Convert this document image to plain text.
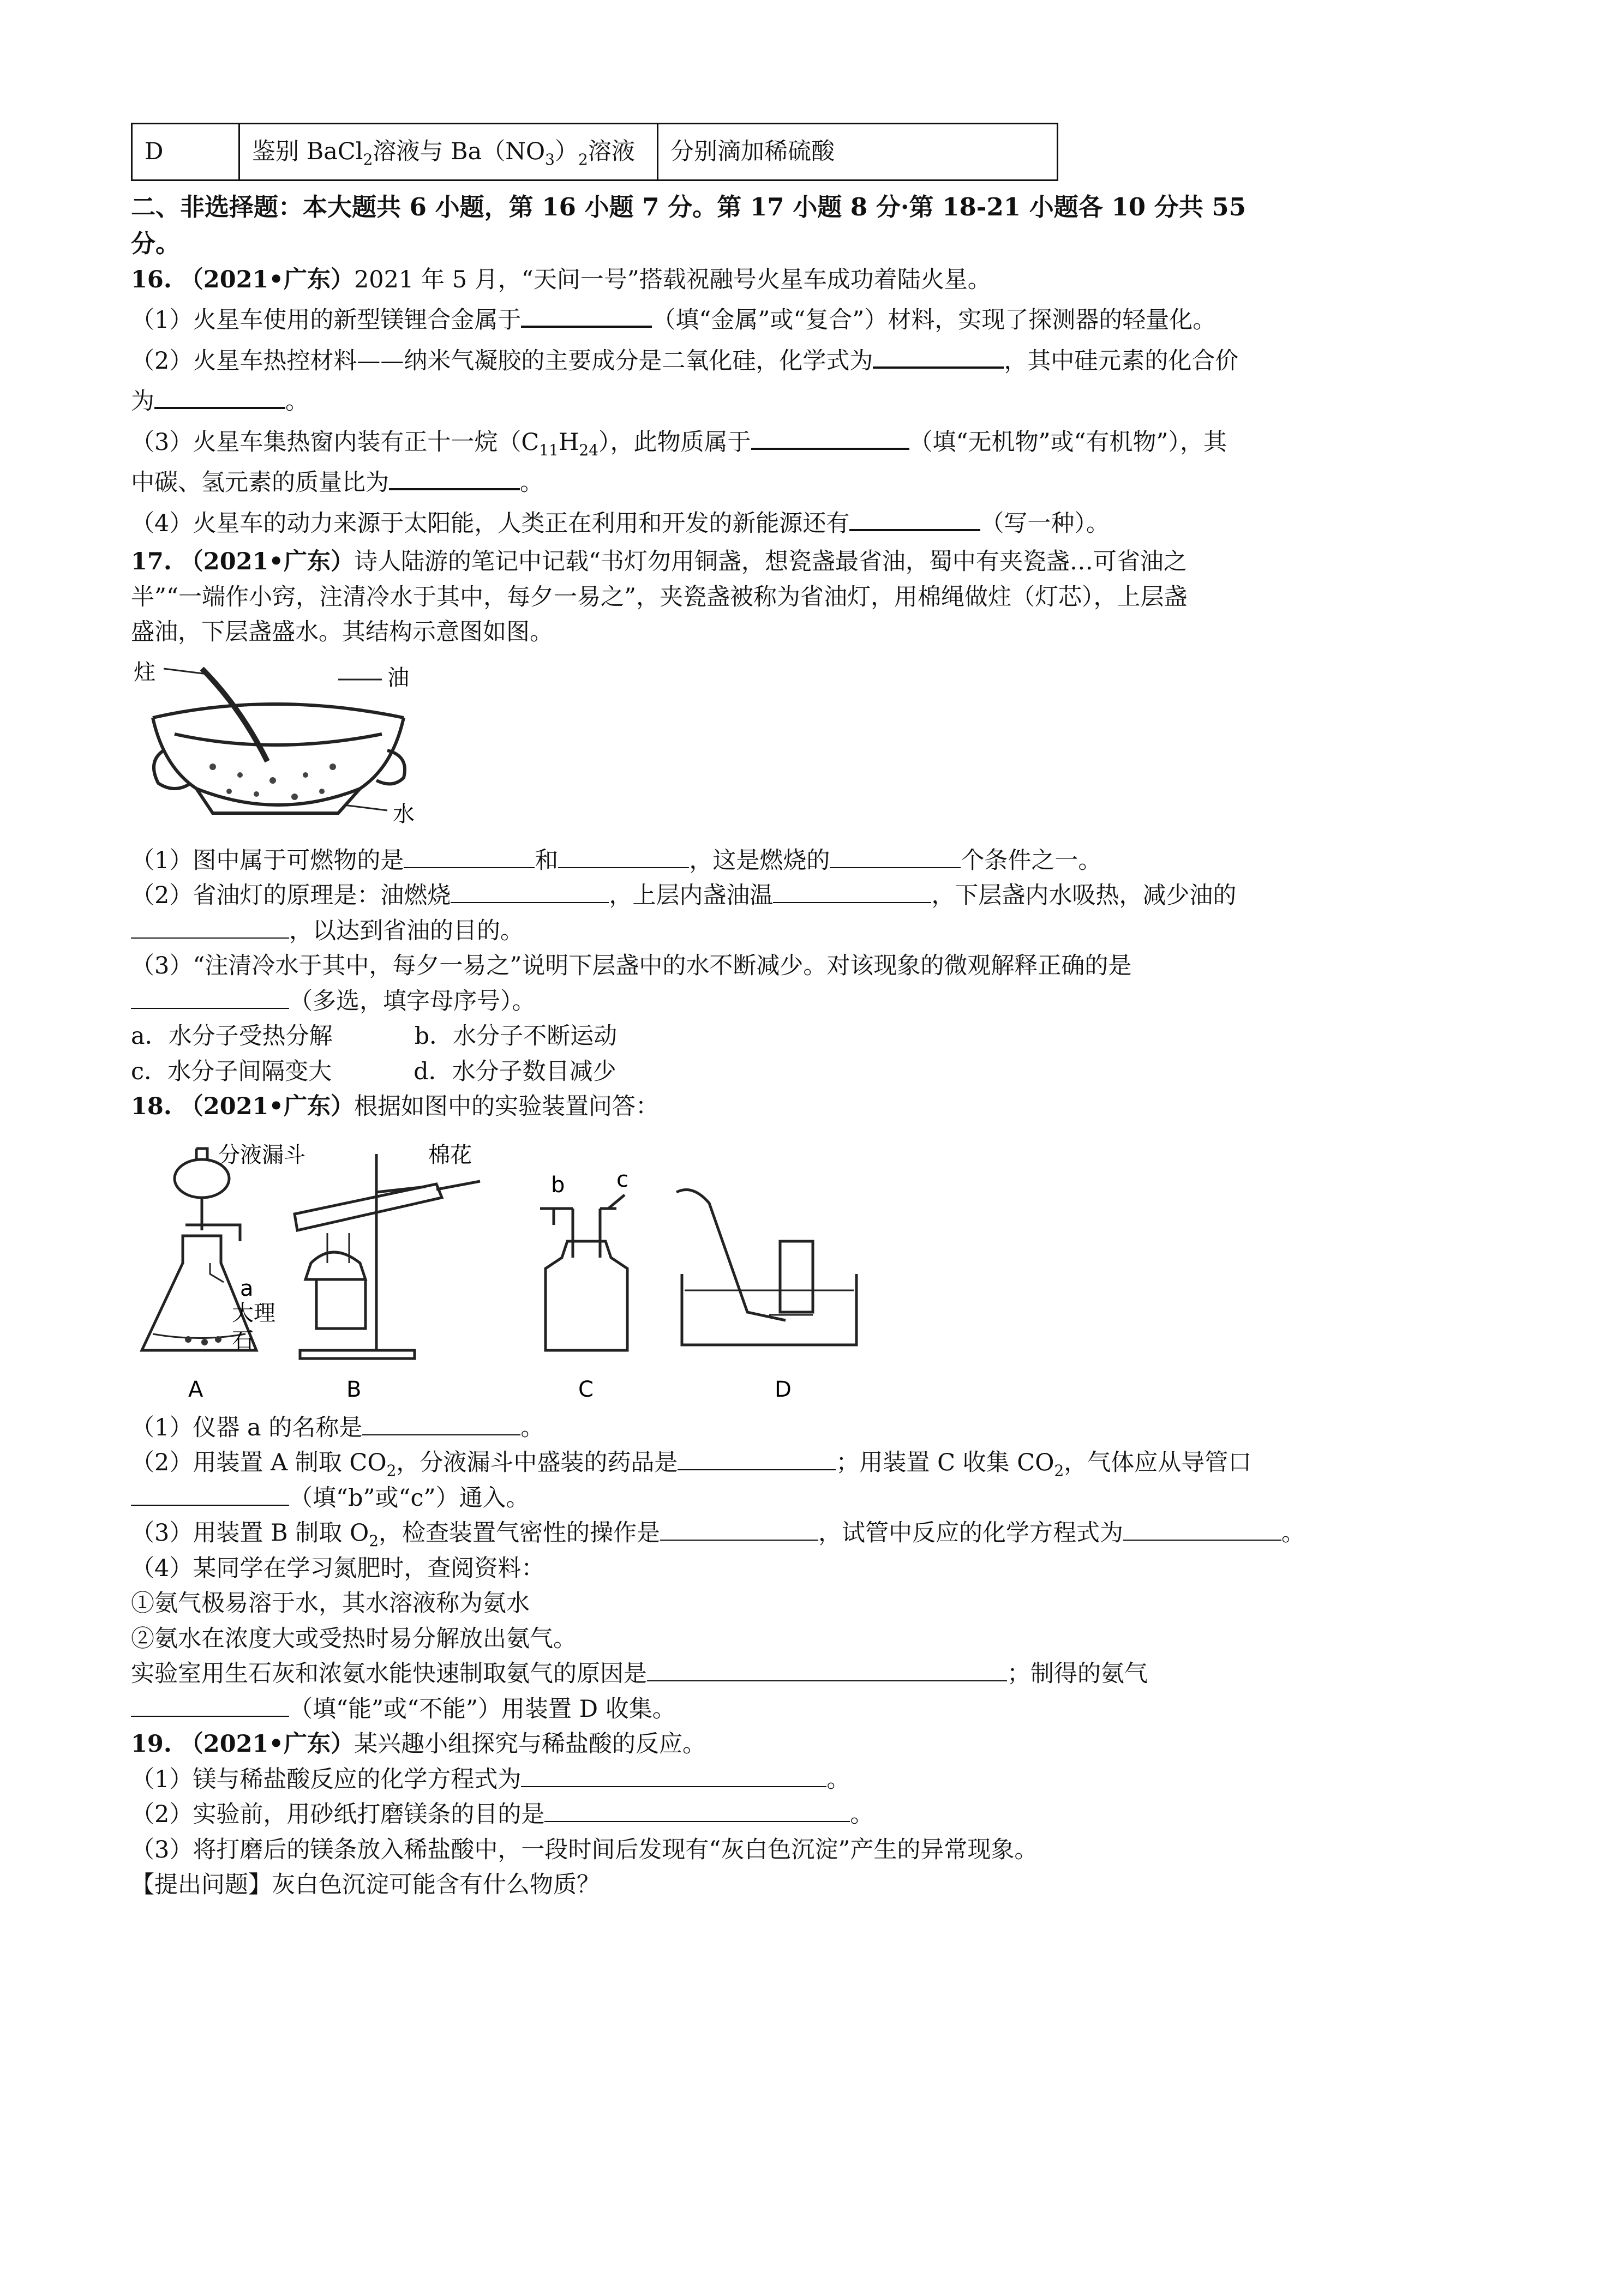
D	鉴别 BaCl$_2$溶液与 $Ba(NO_3)_2$溶液	分别滴加稀硫酸
二、非选择题：本大题共 6 小题，第 16 小题 7 分。第 17 小题 8 分·第 18-21 小题各 10 分共 55
分。
16. （2021•广东）2021 年 5 月，“天问一号”搭载祝融号火星车成功着陆火星。
（1）火星车使用的新型镁锂合金属于	（填“金属”或“复合”）材料，实现了探测器的轻量化。
（2）火星车热控材料——纳米气凝胶的主要成分是二氧化硅，化学式为	，其中硅元素的化合价
为	。
（3）火星车集热窗内装有正十一烷$(C_{11}H_{24})$，此物质属于	（填“无机物”或“有机物”），其
中碳、氢元素的质量比为	。
（4）火星车的动力来源于太阳能，人类正在利用和开发的新能源还有	（写一种）。
17. （2021•广东）诗人陆游的笔记中记载“书灯勿用铜盏，想瓷盏最省油，蜀中有夹瓷盏…可省油之
半”“一端作小窍，注清冷水于其中，每夕一易之”，夹瓷盏被称为省油灯，用棉绳做炷（灯芯），上层盏
盛油，下层盏盛水。其结构示意图如图。
炷	油
水
（1）图中属于可燃物的是	和	，这是燃烧的	个条件之一。
（2）省油灯的原理是：油燃烧	，上层内盏油温	，下层盏内水吸热，减少油的
，以达到省油的目的。
（3）“注清冷水于其中，每夕一易之”说明下层盏中的水不断减少。对该现象的微观解释正确的是
（多选，填字母序号）。
a．水分子受热分解	b．水分子不断运动
c．水分子间隔变大	d．水分子数目减少
18. （2021•广东）根据如图中的实验装置问答：
分液漏斗	棉花
a
大理
石
b c
A	B	C	D
（1）仪器 a 的名称是	。
（2）用装置 A 制取 $CO_2$，分液漏斗中盛装的药品是	；用装置 C 收集 $CO_2$，气体应从导管口
（填“b”或“c”）通入。
（3）用装置 B 制取 $O_2$，检查装置气密性的操作是	，试管中反应的化学方程式为	。
（4）某同学在学习氮肥时，查阅资料：
①氨气极易溶于水，其水溶液称为氨水
②氨水在浓度大或受热时易分解放出氨气。
实验室用生石灰和浓氨水能快速制取氨气的原因是	；制得的氨气
（填“能”或“不能”）用装置 D 收集。
19. （2021•广东）某兴趣小组探究与稀盐酸的反应。
（1）镁与稀盐酸反应的化学方程式为	。
（2）实验前，用砂纸打磨镁条的目的是	。
（3）将打磨后的镁条放入稀盐酸中，一段时间后发现有“灰白色沉淀”产生的异常现象。
【提出问题】灰白色沉淀可能含有什么物质？
